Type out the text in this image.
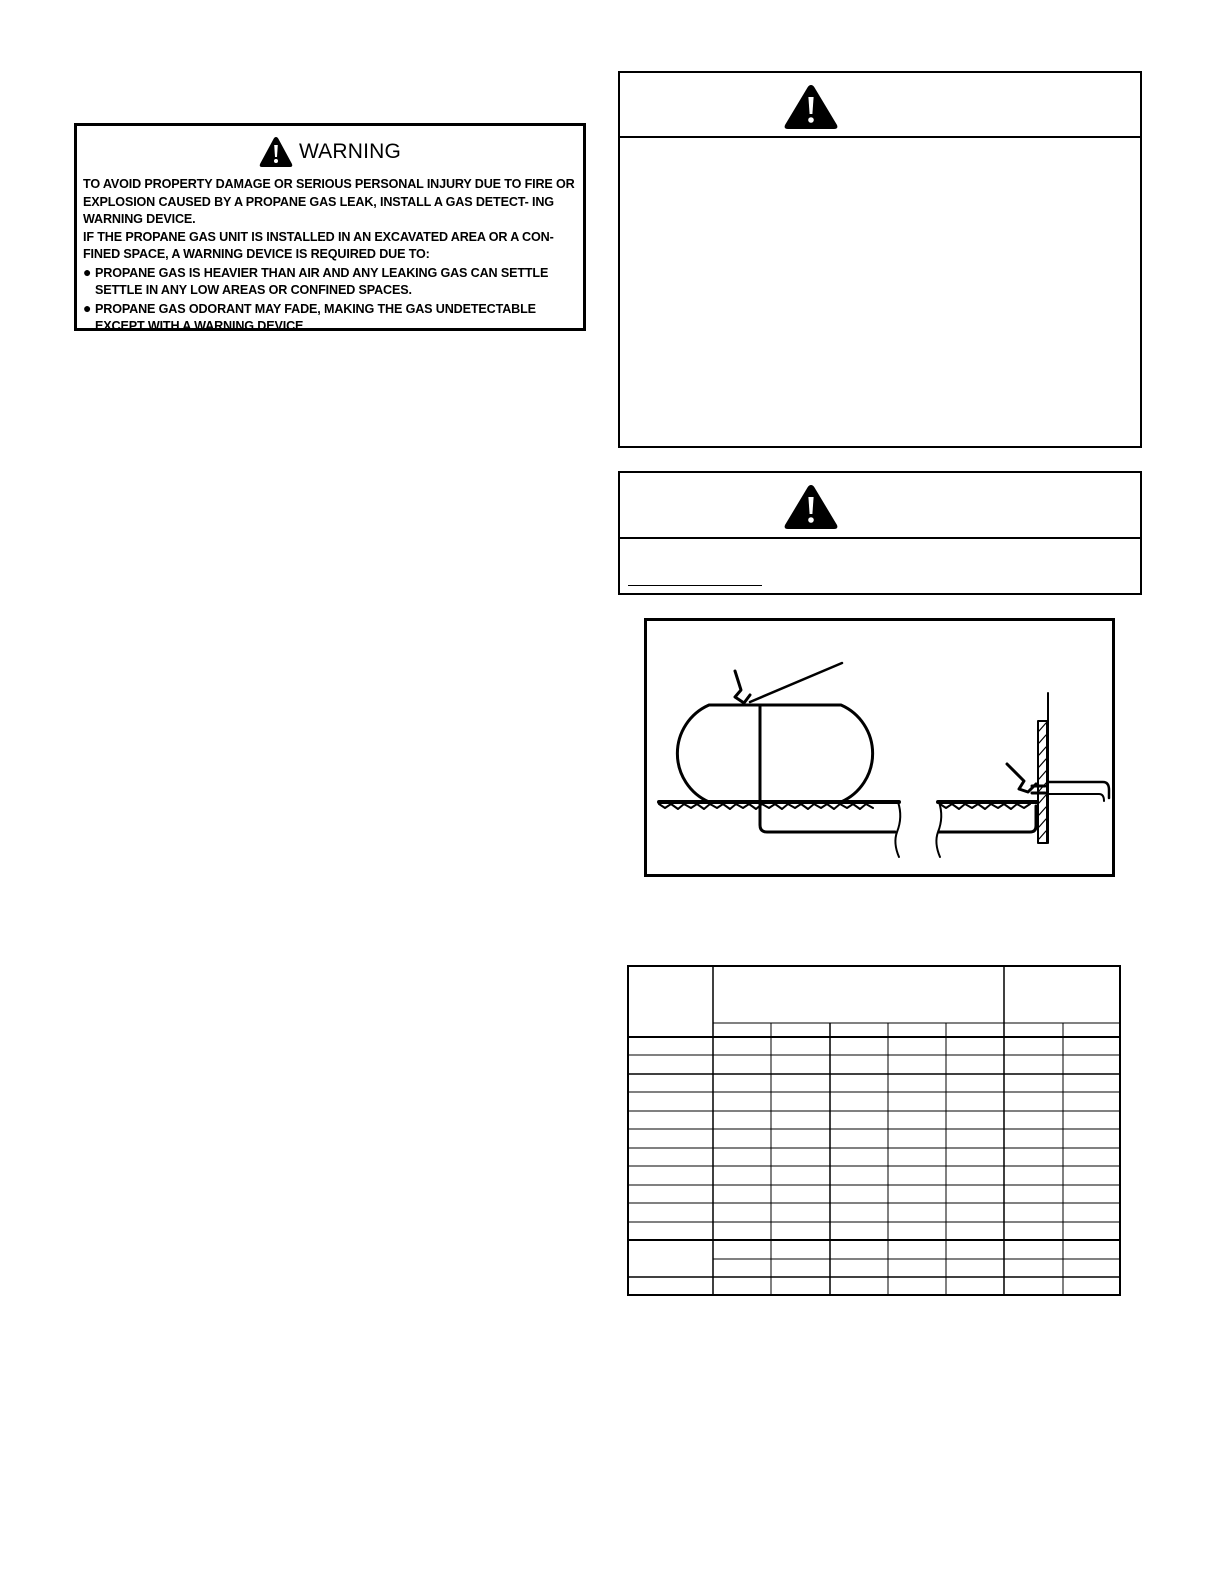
WARNING

TO AVOID PROPERTY DAMAGE OR SERIOUS PERSONAL INJURY DUE TO FIRE OR EXPLOSION CAUSED BY A PROPANE GAS LEAK, INSTALL A GAS DETECT- ING WARNING DEVICE.

IF THE PROPANE GAS UNIT IS INSTALLED IN AN EXCAVATED AREA OR A CON- FINED SPACE, A WARNING DEVICE IS REQUIRED DUE TO:

● PROPANE GAS IS HEAVIER THAN AIR AND ANY LEAKING GAS CAN SETTLE SETTLE IN ANY LOW AREAS OR CONFINED SPACES.
● PROPANE GAS ODORANT MAY FADE, MAKING THE GAS UNDETECTABLE EXCEPT WITH A WARNING DEVICE.
